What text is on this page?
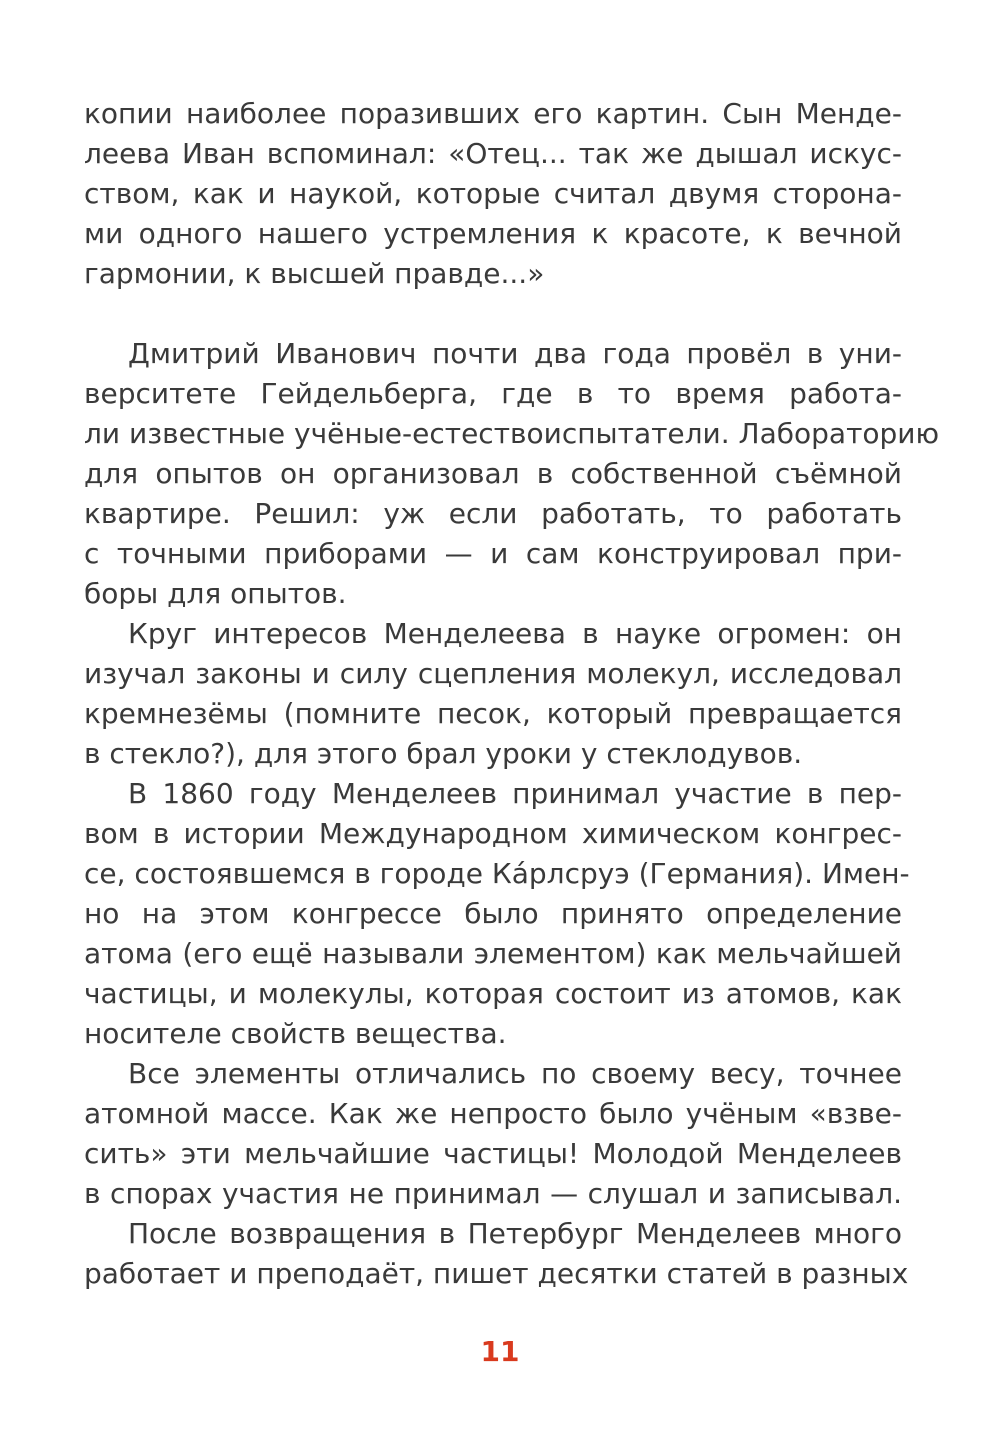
копии наиболее поразивших его картин. Сын Менде-
леева Иван вспоминал: «Отец... так же дышал искус-
ством, как и наукой, которые считал двумя сторона-
ми одного нашего устремления к красоте, к вечной
гармонии, к высшей правде...»
Дмитрий Иванович почти два года провёл в уни-
верситете Гейдельберга, где в то время работа-
ли известные учёные-естествоиспытатели. Лабораторию
для опытов он организовал в собственной съёмной
квартире. Решил: уж если работать, то работать
с точными приборами — и сам конструировал при-
боры для опытов.
Круг интересов Менделеева в науке огромен: он
изучал законы и силу сцепления молекул, исследовал
кремнезёмы (помните песок, который превращается
в стекло?), для этого брал уроки у стеклодувов.
В 1860 году Менделеев принимал участие в пер-
вом в истории Международном химическом конгрес-
се, состоявшемся в городе Ка́рлсруэ (Германия). Имен-
но на этом конгрессе было принято определение
атома (его ещё называли элементом) как мельчайшей
частицы, и молекулы, которая состоит из атомов, как
носителе свойств вещества.
Все элементы отличались по своему весу, точнее
атомной массе. Как же непросто было учёным «взве-
сить» эти мельчайшие частицы! Молодой Менделеев
в спорах участия не принимал — слушал и записывал.
После возвращения в Петербург Менделеев много
работает и преподаёт, пишет десятки статей в разных
11
